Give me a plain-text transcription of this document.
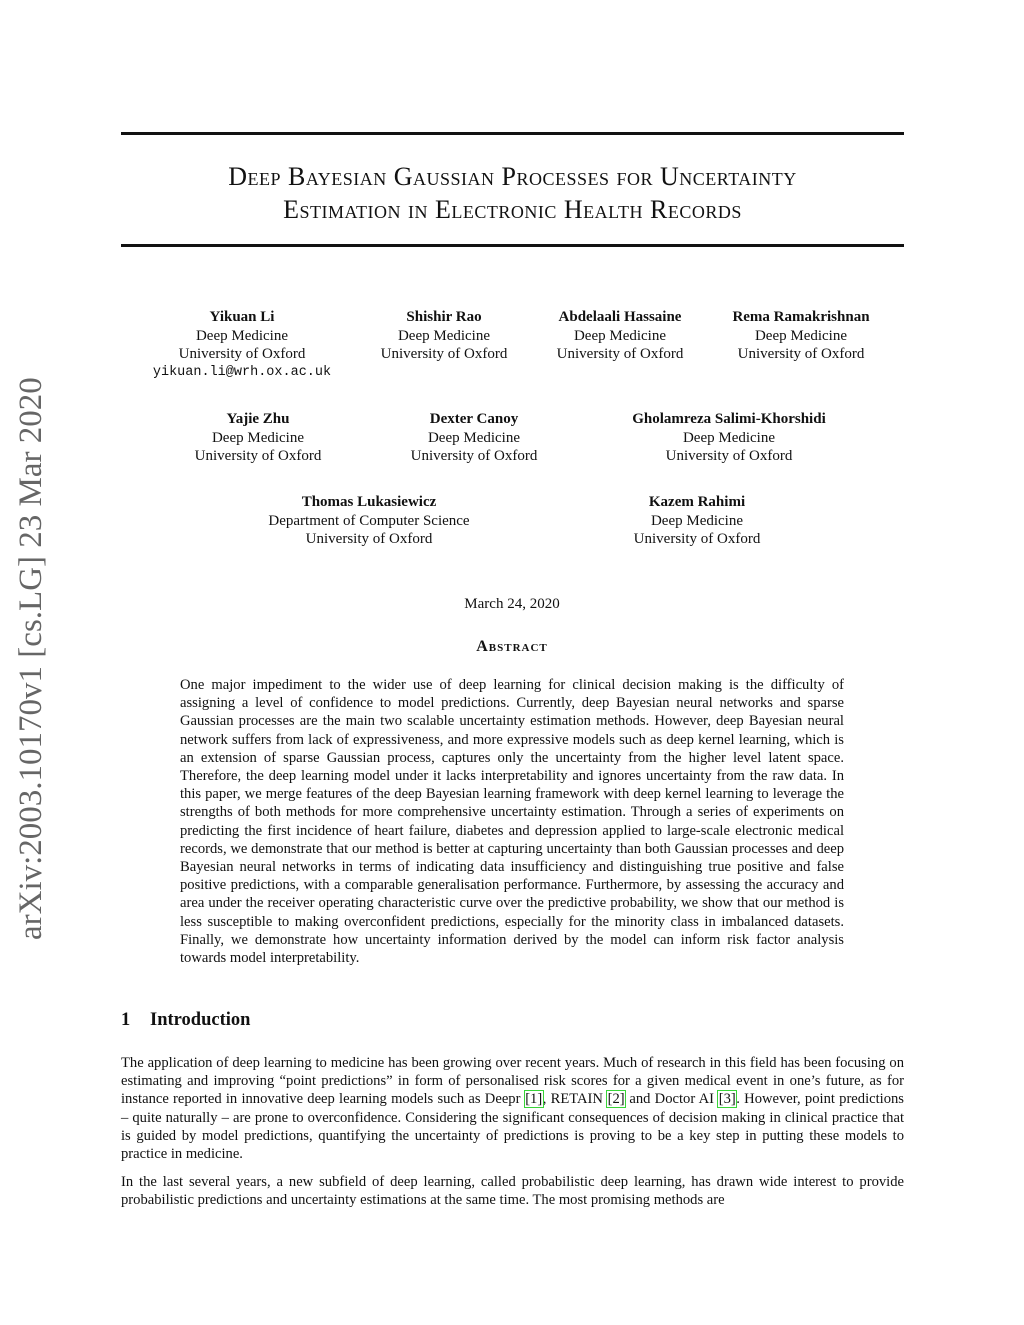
arXiv:2003.10170v1 [cs.LG] 23 Mar 2020
Deep Bayesian Gaussian Processes for Uncertainty
Estimation in Electronic Health Records
Yikuan Li
Deep Medicine
University of Oxford
yikuan.li@wrh.ox.ac.uk
Shishir Rao
Deep Medicine
University of Oxford
Abdelaali Hassaine
Deep Medicine
University of Oxford
Rema Ramakrishnan
Deep Medicine
University of Oxford
Yajie Zhu
Deep Medicine
University of Oxford
Dexter Canoy
Deep Medicine
University of Oxford
Gholamreza Salimi-Khorshidi
Deep Medicine
University of Oxford
Thomas Lukasiewicz
Department of Computer Science
University of Oxford
Kazem Rahimi
Deep Medicine
University of Oxford
March 24, 2020
Abstract
One major impediment to the wider use of deep learning for clinical decision making is the difficulty of assigning a level of confidence to model predictions. Currently, deep Bayesian neural networks and sparse Gaussian processes are the main two scalable uncertainty estimation methods. However, deep Bayesian neural network suffers from lack of expressiveness, and more expressive models such as deep kernel learning, which is an extension of sparse Gaussian process, captures only the uncertainty from the higher level latent space. Therefore, the deep learning model under it lacks interpretability and ignores uncertainty from the raw data. In this paper, we merge features of the deep Bayesian learning framework with deep kernel learning to leverage the strengths of both methods for more comprehensive uncertainty estimation. Through a series of experiments on predicting the first incidence of heart failure, diabetes and depression applied to large-scale electronic medical records, we demonstrate that our method is better at capturing uncertainty than both Gaussian processes and deep Bayesian neural networks in terms of indicating data insufficiency and distinguishing true positive and false positive predictions, with a comparable generalisation performance. Furthermore, by assessing the accuracy and area under the receiver operating characteristic curve over the predictive probability, we show that our method is less susceptible to making overconfident predictions, especially for the minority class in imbalanced datasets. Finally, we demonstrate how uncertainty information derived by the model can inform risk factor analysis towards model interpretability.
1 Introduction
The application of deep learning to medicine has been growing over recent years. Much of research in this field has been focusing on estimating and improving “point predictions” in form of personalised risk scores for a given medical event in one’s future, as for instance reported in innovative deep learning models such as Deepr [1], RETAIN [2] and Doctor AI [3]. However, point predictions – quite naturally – are prone to overconfidence. Considering the significant consequences of decision making in clinical practice that is guided by model predictions, quantifying the uncertainty of predictions is proving to be a key step in putting these models to practice in medicine.
In the last several years, a new subfield of deep learning, called probabilistic deep learning, has drawn wide interest to provide probabilistic predictions and uncertainty estimations at the same time. The most promising methods are
